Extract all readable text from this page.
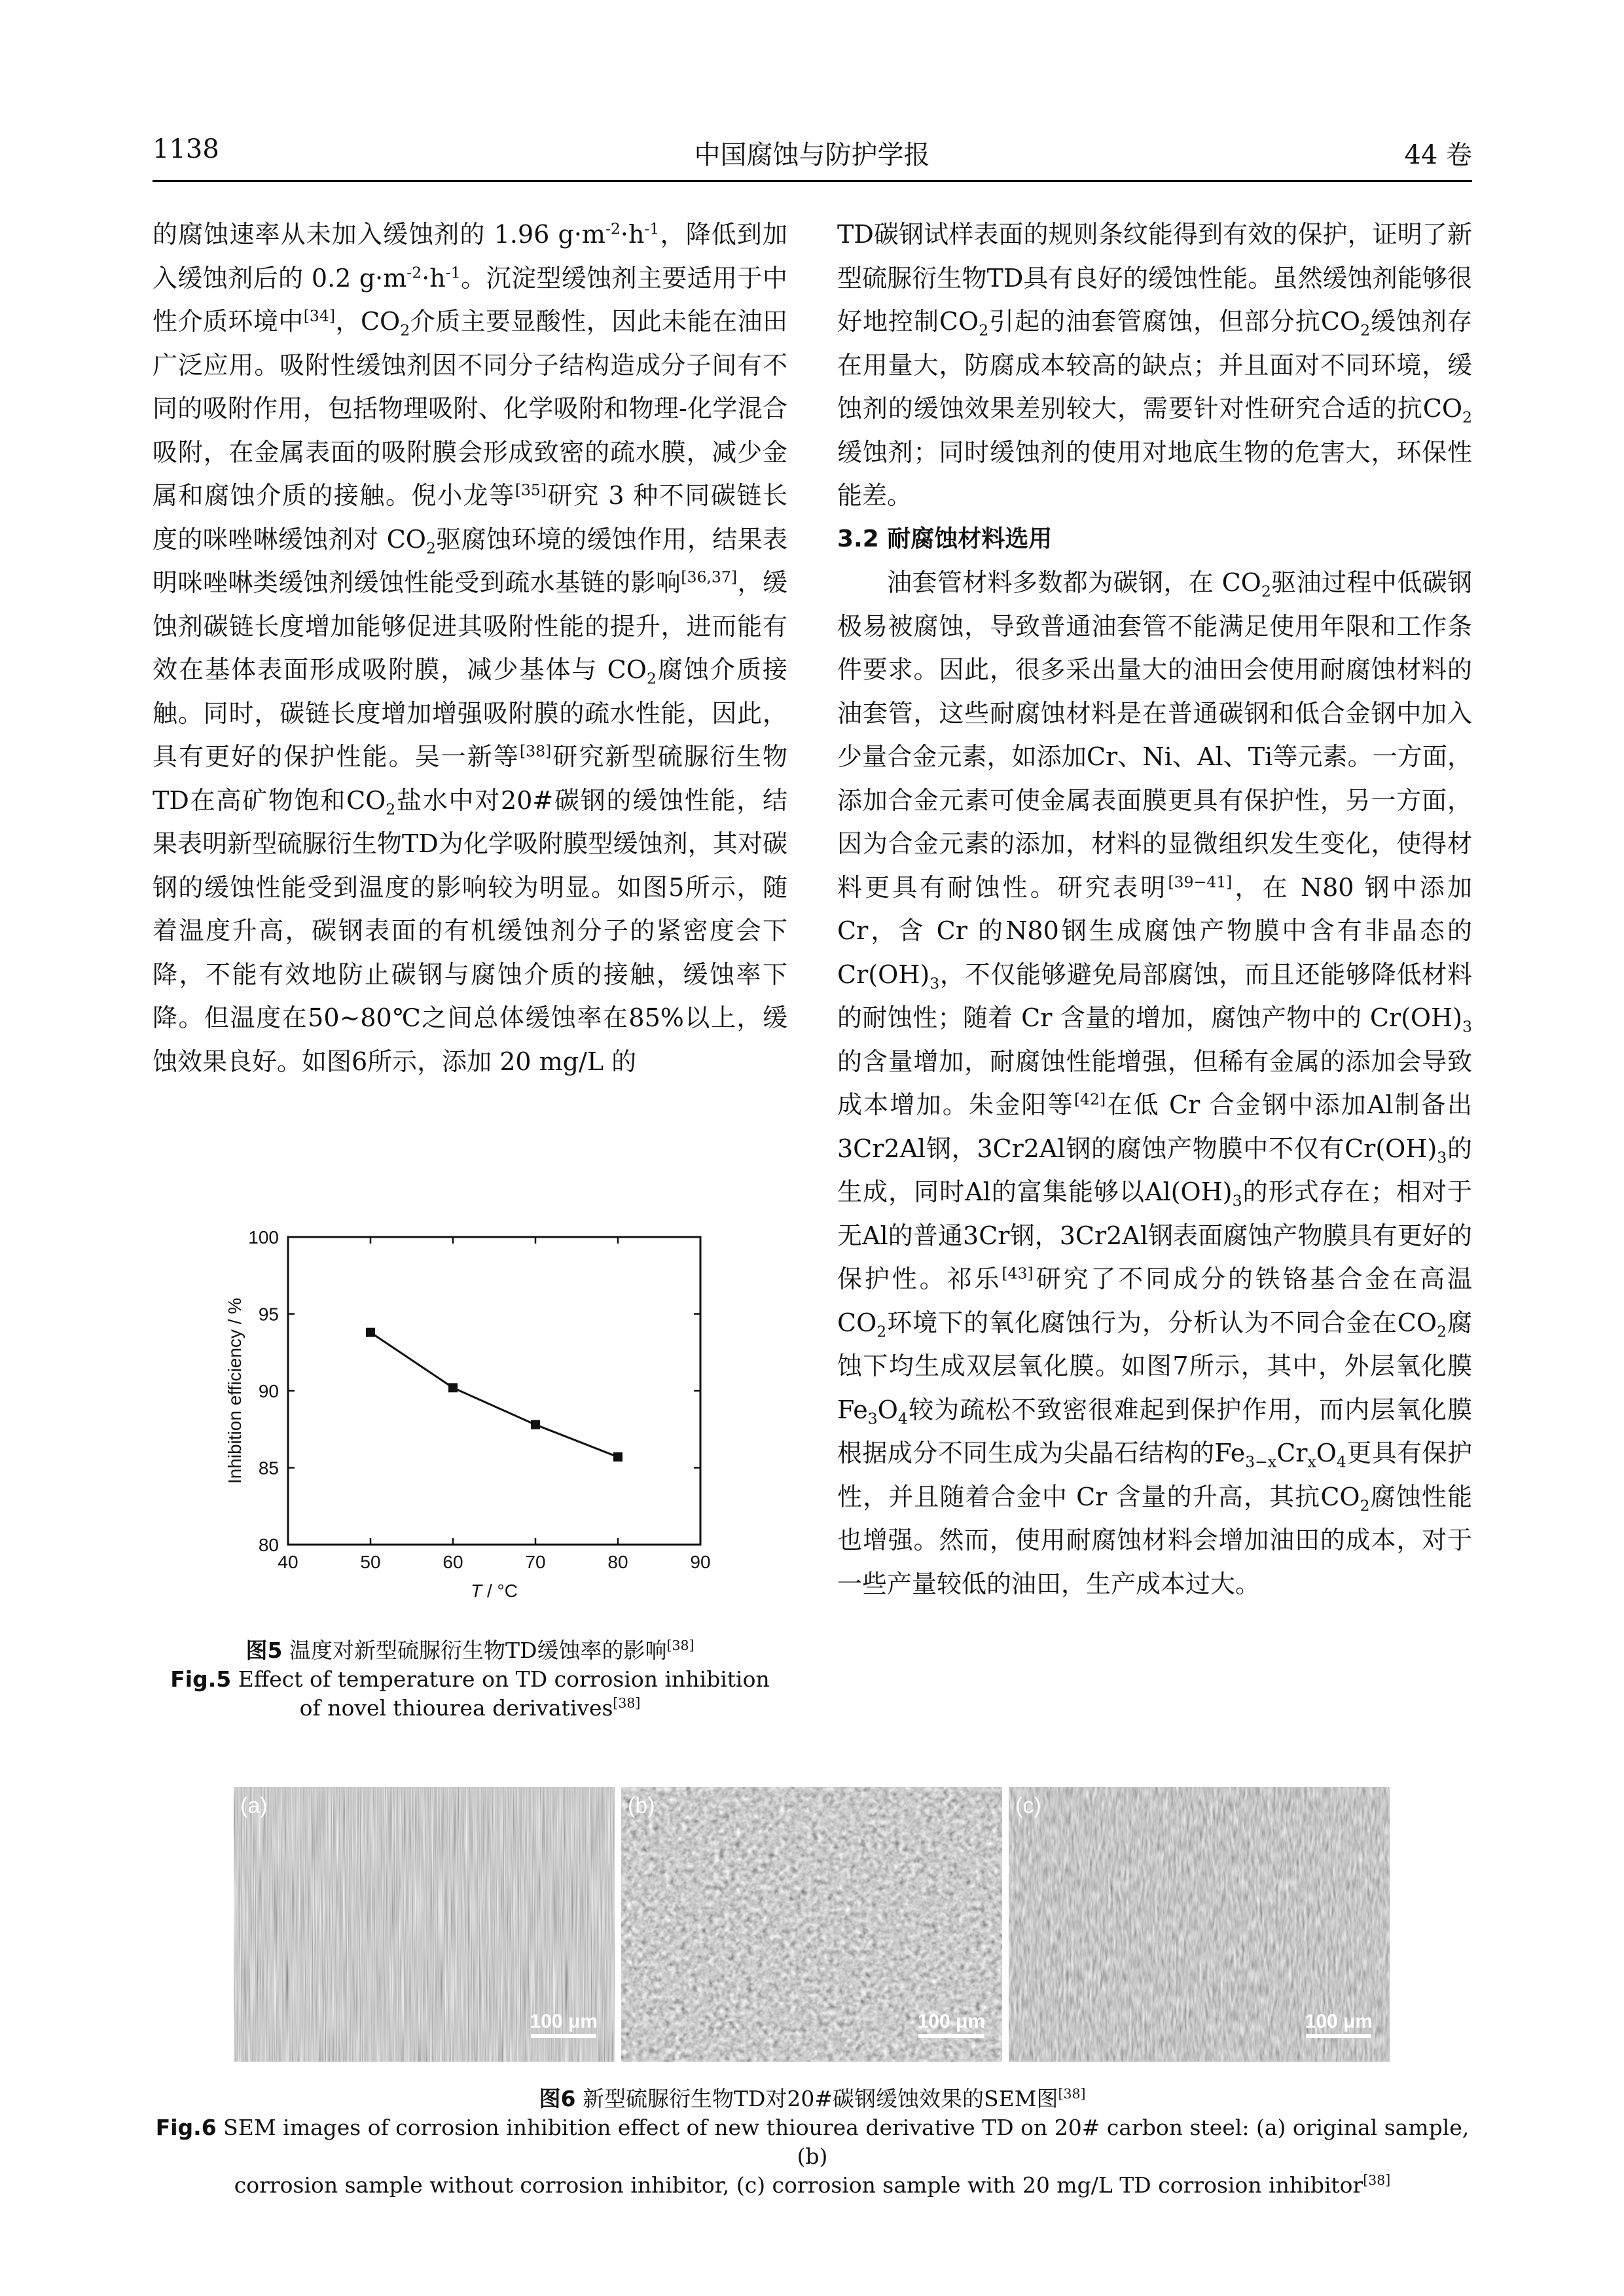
1138	中国腐蚀与防护学报	44 卷

的腐蚀速率从未加入缓蚀剂的 1.96 $g\cdot m^{-2}\cdot h^{-1}$，降低到加入缓蚀剂后的 0.2 $g\cdot m^{-2}\cdot h^{-1}$。沉淀型缓蚀剂主要适用于中性介质环境中[34]，$CO_2$介质主要显酸性，因此未能在油田广泛应用。吸附性缓蚀剂因不同分子结构造成分子间有不同的吸附作用，包括物理吸附、化学吸附和物理-化学混合吸附，在金属表面的吸附膜会形成致密的疏水膜，减少金属和腐蚀介质的接触。倪小龙等[35]研究 3 种不同碳链长度的咪唑啉缓蚀剂对 $CO_2$驱腐蚀环境的缓蚀作用，结果表明咪唑啉类缓蚀剂缓蚀性能受到疏水基链的影响[36,37]，缓蚀剂碳链长度增加能够促进其吸附性能的提升，进而能有效在基体表面形成吸附膜，减少基体与 $CO_2$腐蚀介质接触。同时，碳链长度增加增强吸附膜的疏水性能，因此，具有更好的保护性能。吴一新等[38]研究新型硫脲衍生物TD在高矿物饱和$CO_2$盐水中对20#碳钢的缓蚀性能，结果表明新型硫脲衍生物TD为化学吸附膜型缓蚀剂，其对碳钢的缓蚀性能受到温度的影响较为明显。如图5所示，随着温度升高，碳钢表面的有机缓蚀剂分子的紧密度会下降，不能有效地防止碳钢与腐蚀介质的接触，缓蚀率下降。但温度在50~80℃之间总体缓蚀率在85%以上，缓蚀效果良好。如图6所示，添加 20 mg/L 的

40	50	60	70	80	90
80
85
90
95
100
T / °C
Inhibition efficiency / %
图5 温度对新型硫脲衍生物TD缓蚀率的影响[38]
Fig.5 Effect of temperature on TD corrosion inhibition
of novel thiourea derivatives[38]

TD碳钢试样表面的规则条纹能得到有效的保护，证明了新型硫脲衍生物TD具有良好的缓蚀性能。虽然缓蚀剂能够很好地控制$CO_2$引起的油套管腐蚀，但部分抗$CO_2$缓蚀剂存在用量大，防腐成本较高的缺点；并且面对不同环境，缓蚀剂的缓蚀效果差别较大，需要针对性研究合适的抗$CO_2$缓蚀剂；同时缓蚀剂的使用对地底生物的危害大，环保性能差。

3.2 耐腐蚀材料选用

油套管材料多数都为碳钢，在 $CO_2$驱油过程中低碳钢极易被腐蚀，导致普通油套管不能满足使用年限和工作条件要求。因此，很多采出量大的油田会使用耐腐蚀材料的油套管，这些耐腐蚀材料是在普通碳钢和低合金钢中加入少量合金元素，如添加Cr、Ni、Al、Ti等元素。一方面，添加合金元素可使金属表面膜更具有保护性，另一方面，因为合金元素的添加，材料的显微组织发生变化，使得材料更具有耐蚀性。研究表明[39−41]，在 N80 钢中添加 Cr，含 Cr 的N80钢生成腐蚀产物膜中含有非晶态的$Cr(OH)_3$，不仅能够避免局部腐蚀，而且还能够降低材料的耐蚀性；随着 Cr 含量的增加，腐蚀产物中的 $Cr(OH)_3$ 的含量增加，耐腐蚀性能增强，但稀有金属的添加会导致成本增加。朱金阳等[42]在低 Cr 合金钢中添加Al制备出3Cr2Al钢，3Cr2Al钢的腐蚀产物膜中不仅有$Cr(OH)_3$的生成，同时Al的富集能够以$Al(OH)_3$的形式存在；相对于无Al的普通3Cr钢，3Cr2Al钢表面腐蚀产物膜具有更好的保护性。祁乐[43]研究了不同成分的铁铬基合金在高温 $CO_2$环境下的氧化腐蚀行为，分析认为不同合金在$CO_2$腐蚀下均生成双层氧化膜。如图7所示，其中，外层氧化膜$Fe_3O_4$较为疏松不致密很难起到保护作用，而内层氧化膜根据成分不同生成为尖晶石结构的$Fe_{3-x}Cr_xO_4$更具有保护性，并且随着合金中 Cr 含量的升高，其抗$CO_2$腐蚀性能也增强。然而，使用耐腐蚀材料会增加油田的成本，对于一些产量较低的油田，生产成本过大。

(a)
100 μm
(b)
100 μm
(c)
100 μm
图6 新型硫脲衍生物TD对20#碳钢缓蚀效果的SEM图[38]
Fig.6 SEM images of corrosion inhibition effect of new thiourea derivative TD on 20# carbon steel: (a) original sample, (b)
corrosion sample without corrosion inhibitor, (c) corrosion sample with 20 mg/L TD corrosion inhibitor[38]
